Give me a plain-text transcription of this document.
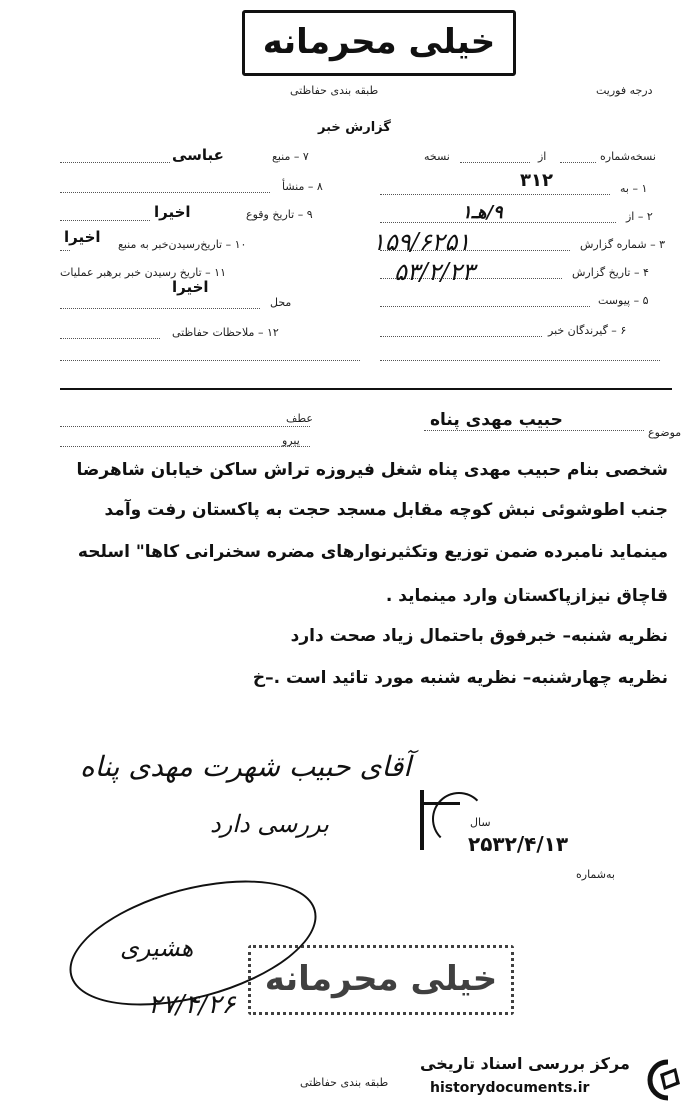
خیلی محرمانه
طبقه بندی حفاظتی	درجه فوریت
گزارش خبر
نسخه‌شماره
از
نسخه
۱ – به
۳۱۲
۲ – از
۹/هـ۱
۳ – شماره گزارش
۱۵۹/۶۲۵۱
۴ – تاریخ گزارش
۵۳/۲/۲۳
۵ – پیوست
۶ – گیرندگان خبر
۷ – منبع
عباسی
۸ – منشأ
۹ – تاریخ وقوع
اخیرا
۱۰ – تاریخ‌رسیدن‌خبر به منبع
اخیرا
۱۱ – تاریخ رسیدن خبر برهبر عملیات
اخیرا
محل
۱۲ – ملاحظات حفاظتی
موضوع
حبیب مهدی پناه
عطف
پیرو
شخصی بنام حبیب مهدی پناه شغل فیروزه تراش ساکن خیابان شاهرضا
جنب اطوشوئی نبش کوچه مقابل مسجد حجت به پاکستان رفت وآمد
مینماید نامبرده ضمن توزیع وتکثیرنوارهای مضره سخنرانی کاها" اسلحه
قاچاق نیزازپاکستان وارد مینماید .
نظریه شنبه– خبرفوق باحتمال زیاد صحت دارد
نظریه چهارشنبه– نظریه شنبه مورد تائید است .–خ
آقای حبیب شهرت مهدی پناه
بررسی دارد	سال
۲۵۳۲/۴/۱۳
به‌شماره
هشیری
خیلی محرمانه
۲۷/۴/۲۶
طبقه بندی حفاظتی
مرکز بررسی اسناد تاریخی
historydocuments.ir
